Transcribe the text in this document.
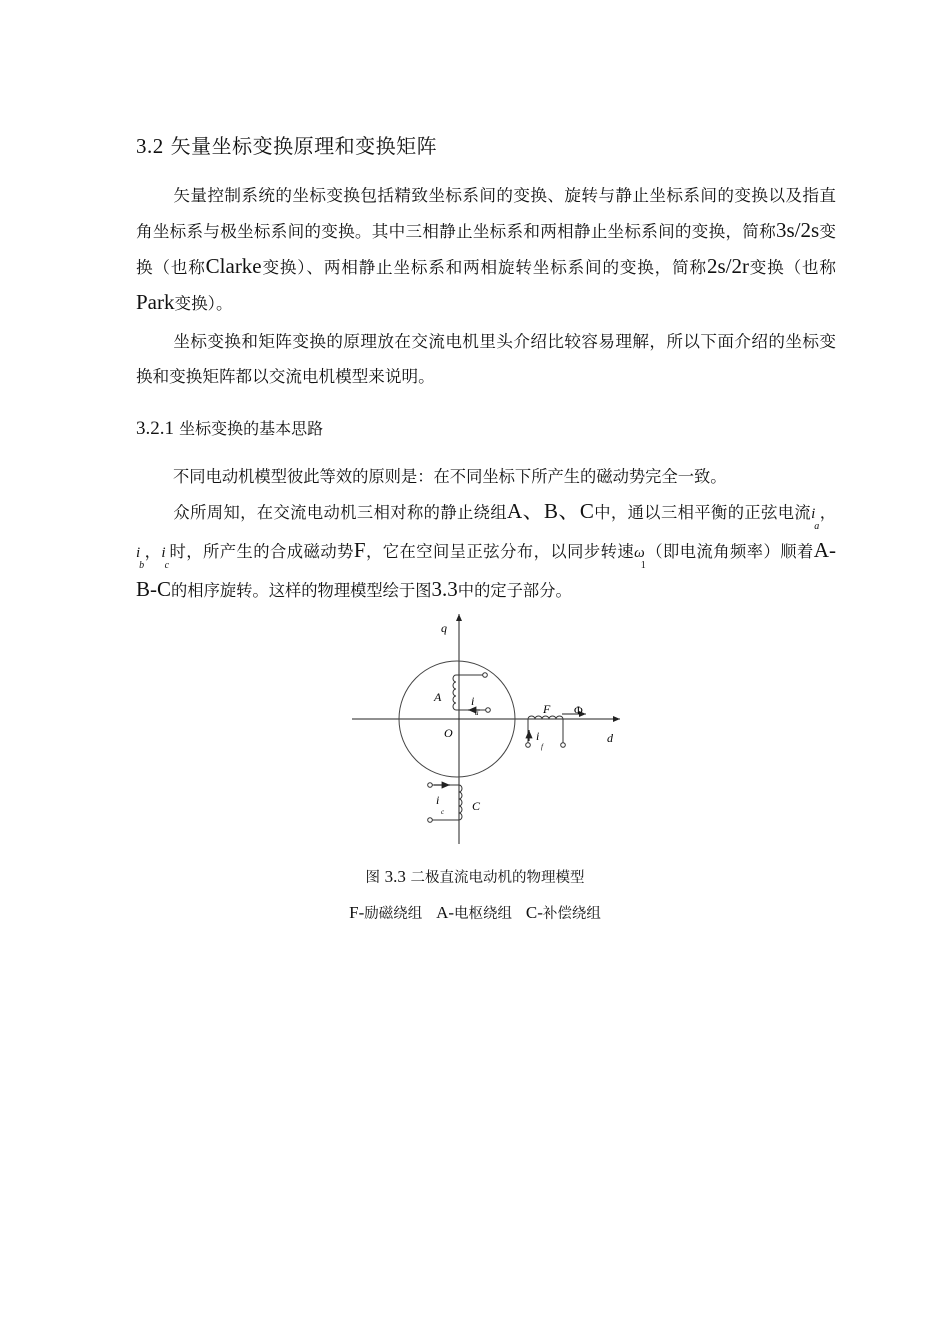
3.2 矢量坐标变换原理和变换矩阵
矢量控制系统的坐标变换包括精致坐标系间的变换、旋转与静止坐标系间的变换以及指直角坐标系与极坐标系间的变换。其中三相静止坐标系和两相静止坐标系间的变换，简称3s/2s变换（也称Clarke变换）、两相静止坐标系和两相旋转坐标系间的变换，简称2s/2r变换（也称Park变换）。
坐标变换和矩阵变换的原理放在交流电机里头介绍比较容易理解，所以下面介绍的坐标变换和变换矩阵都以交流电机模型来说明。
3.2.1 坐标变换的基本思路
不同电动机模型彼此等效的原则是：在不同坐标下所产生的磁动势完全一致。
众所周知，在交流电动机三相对称的静止绕组A、B、C中，通以三相平衡的正弦电流$i_a$，$i_b$，$i_c$时，所产生的合成磁动势F，它在空间呈正弦分布，以同步转速$\omega_1$（即电流角频率）顺着A-B-C的相序旋转。这样的物理模型绘于图3.3中的定子部分。
q
d
O
A i
a	F Φ
i
f
i
c C
图 3.3 二极直流电动机的物理模型
F-励磁绕组 A-电枢绕组 C-补偿绕组
